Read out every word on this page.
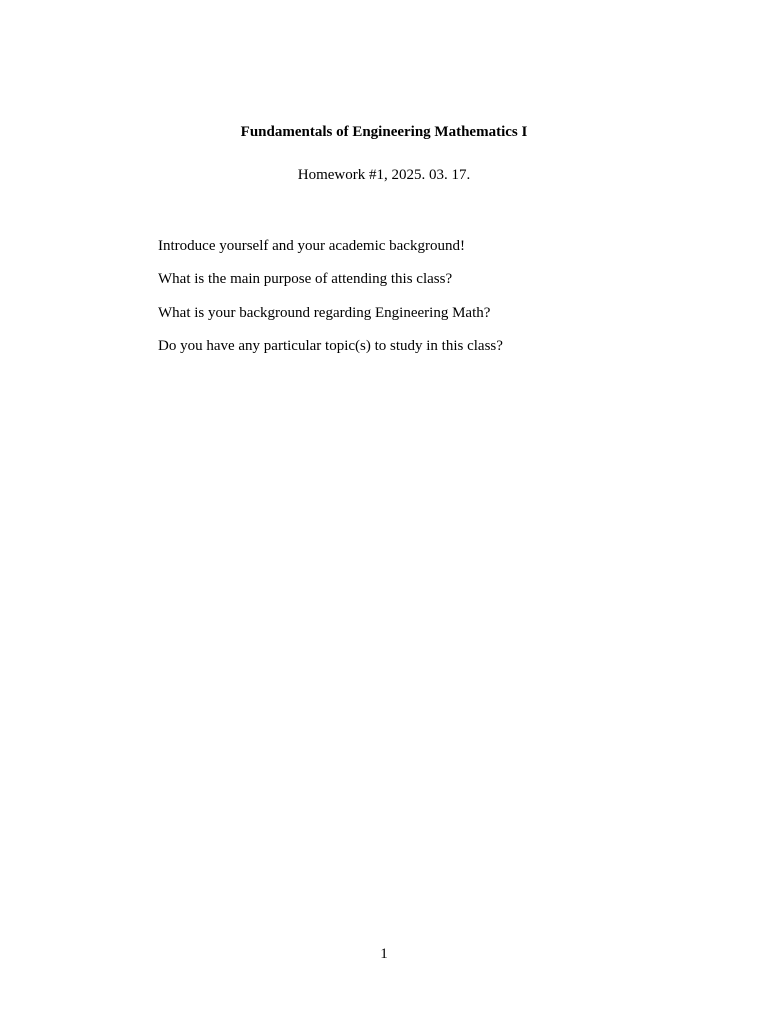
Fundamentals of Engineering Mathematics I
Homework #1, 2025. 03. 17.
Introduce yourself and your academic background!
What is the main purpose of attending this class?
What is your background regarding Engineering Math?
Do you have any particular topic(s) to study in this class?
1
